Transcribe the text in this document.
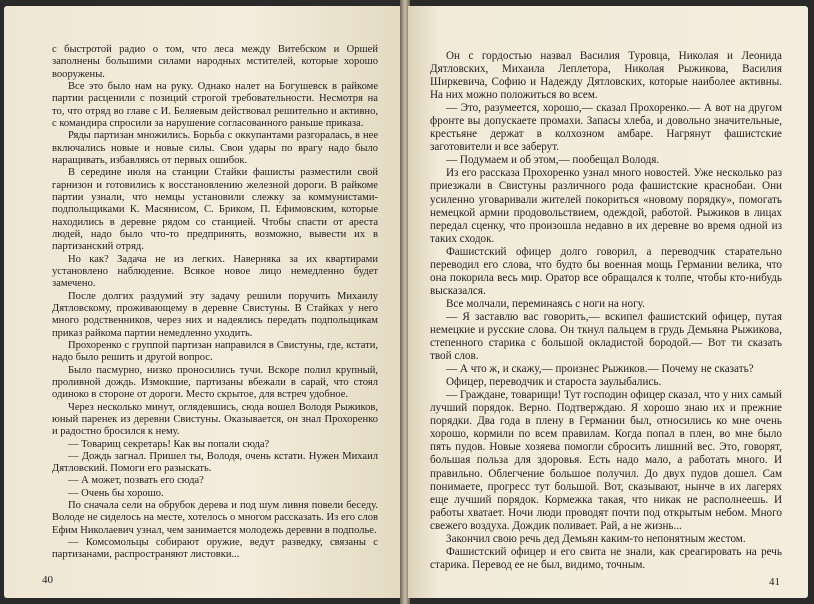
с быстротой радио о том, что леса между Витебском и Оршей заполнены большими силами народных мстителей, которые хорошо вооружены.

Все это было нам на руку. Однако налет на Богушевск в райкоме партии расценили с позиций строгой требовательности. Несмотря на то, что отряд во главе с И. Беляевым действовал решительно и активно, с командира спросили за нарушение согласованного раньше приказа.

Ряды партизан множились. Борьба с оккупантами разгоралась, в нее включались новые и новые силы. Свои удары по врагу надо было наращивать, избавляясь от первых ошибок.

В середине июля на станции Стайки фашисты разместили свой гарнизон и готовились к восстановлению железной дороги. В райкоме партии узнали, что немцы установили слежку за коммунистами-подпольщиками К. Масянисом, С. Бриком, П. Ефимовским, которые находились в деревне рядом со станцией. Чтобы спасти от ареста людей, надо было что-то предпринять, возможно, вывести их в партизанский отряд.

Но как? Задача не из легких. Наверняка за их квартирами установлено наблюдение. Всякое новое лицо немедленно будет замечено.

После долгих раздумий эту задачу решили поручить Михаилу Дятловскому, проживающему в деревне Свистуны. В Стайках у него много родственников, через них и надеялись передать подпольщикам приказ райкома партии немедленно уходить.

Прохоренко с группой партизан направился в Свистуны, где, кстати, надо было решить и другой вопрос.

Было пасмурно, низко проносились тучи. Вскоре полил крупный, проливной дождь. Измокшие, партизаны вбежали в сарай, что стоял одиноко в стороне от дороги. Место скрытое, для встреч удобное.

Через несколько минут, оглядевшись, сюда вошел Володя Рыжиков, юный паренек из деревни Свистуны. Оказывается, он знал Прохоренко и радостно бросился к нему.

— Товарищ секретарь! Как вы попали сюда?

— Дождь загнал. Пришел ты, Володя, очень кстати. Нужен Михаил Дятловский. Помоги его разыскать.

— А может, позвать его сюда?

— Очень бы хорошо.

По сначала сели на обрубок дерева и под шум ливня повели беседу. Володе не сиделось на месте, хотелось о многом рассказать. Из его слов Ефим Николаевич узнал, чем занимается молодежь деревни в подполье.

— Комсомольцы собирают оружие, ведут разведку, связаны с партизанами, распространяют листовки...

40

Он с гордостью назвал Василия Туровца, Николая и Леонида Дятловских, Михаила Леплетора, Николая Рыжикова, Василия Ширкевича, Софию и Надежду Дятловских, которые наиболее активны. На них можно положиться во всем.

— Это, разумеется, хорошо,— сказал Прохоренко.— А вот на другом фронте вы допускаете промахи. Запасы хлеба, и довольно значительные, крестьяне держат в колхозном амбаре. Нагрянут фашистские заготовители и все заберут.

— Подумаем и об этом,— пообещал Володя.

Из его рассказа Прохоренко узнал много новостей. Уже несколько раз приезжали в Свистуны различного рода фашистские краснобаи. Они усиленно уговаривали жителей покориться «новому порядку», помогать немецкой армии продовольствием, одеждой, работой. Рыжиков в лицах передал сценку, что произошла недавно в их деревне во время одной из таких сходок.

Фашистский офицер долго говорил, а переводчик старательно переводил его слова, что будто бы военная мощь Германии велика, что она покорила весь мир. Оратор все обращался к толпе, чтобы кто-нибудь высказался.

Все молчали, переминаясь с ноги на ногу.

— Я заставлю вас говорить,— вскипел фашистский офицер, путая немецкие и русские слова. Он ткнул пальцем в грудь Демьяна Рыжикова, степенного старика с большой окладистой бородой.— Вот ти сказать твой слов.

— А что ж, и скажу,— произнес Рыжиков.— Почему не сказать?

Офицер, переводчик и староста заулыбались.

— Граждане, товарищи! Тут господин офицер сказал, что у них самый лучший порядок. Верно. Подтверждаю. Я хорошо знаю их и прежние порядки. Два года в плену в Германии был, относились ко мне очень хорошо, кормили по всем правилам. Когда попал в плен, во мне было пять пудов. Новые хозяева помогли сбросить лишний вес. Это, говорят, большая польза для здоровья. Есть надо мало, а работать много. И правильно. Облегчение большое получил. До двух пудов дошел. Сам понимаете, прогресс тут большой. Вот, сказывают, нынче в их лагерях еще лучший порядок. Кормежка такая, что никак не располнеешь. И работы хватает. Ночи люди проводят почти под открытым небом. Много свежего воздуха. Дождик поливает. Рай, а не жизнь...

Закончил свою речь дед Демьян каким-то непонятным жестом.

Фашистский офицер и его свита не знали, как среагировать на речь старика. Перевод ее не был, видимо, точным.

41
